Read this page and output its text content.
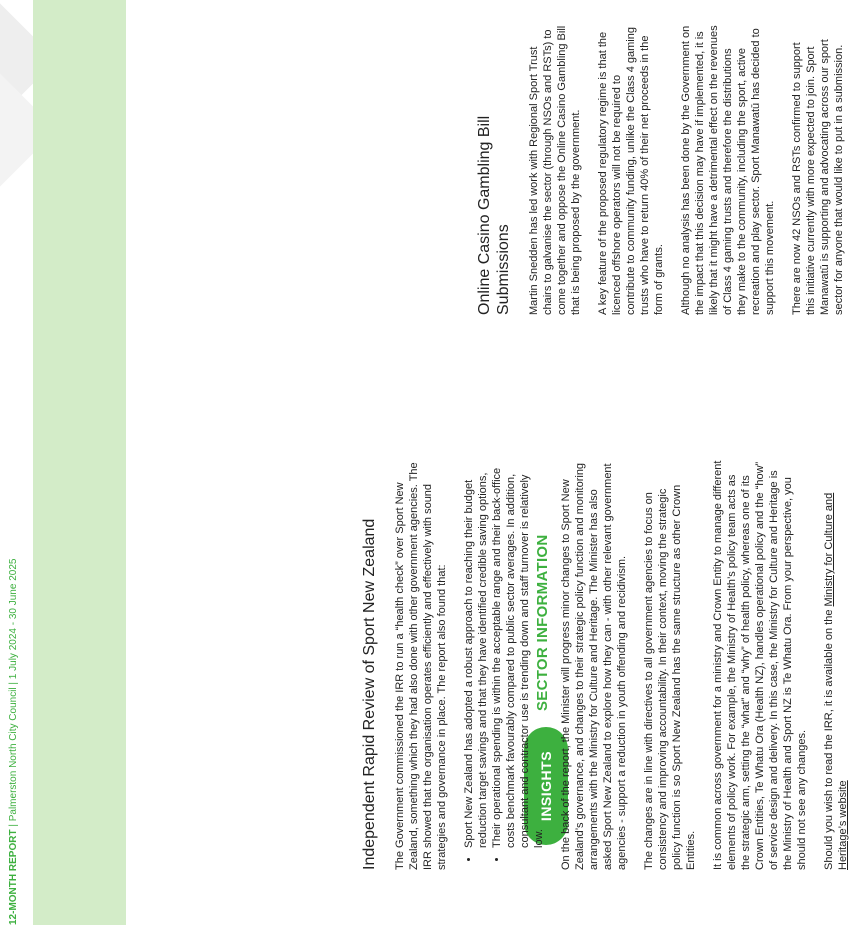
12-MONTH REPORT | Palmerston North City Council | 1 July 2024 - 30 June 2025	INSIGHTS
SECTOR INFORMATION
Independent Rapid Review of Sport New Zealand The Government commissioned the IRR to run a “health check” over Sport New Zealand, something which they had also done with other government agencies. The IRR showed that the organisation operates efficiently and effectively with sound strategies and governance in place. The report also found that: • Sport New Zealand has adopted a robust approach to reaching their budget reduction target savings and that they have identified credible saving options, • Their operational spending is within the acceptable range and their back-office costs benchmark favourably compared to public sector averages. In addition, consultant and contractor use is trending down and staff turnover is relatively low. On the back of the report, the Minister will progress minor changes to Sport New Zealand’s governance, and changes to their strategic policy function and monitoring arrangements with the Ministry for Culture and Heritage. The Minister has also asked Sport New Zealand to explore how they can - with other relevant government agencies - support a reduction in youth offending and recidivism. The changes are in line with directives to all government agencies to focus on consistency and improving accountability. In their context, moving the strategic policy function is so Sport New Zealand has the same structure as other Crown Entities. It is common across government for a ministry and Crown Entity to manage different elements of policy work. For example, the Ministry of Health’s policy team acts as the strategic arm, setting the “what” and “why” of health policy, whereas one of its Crown Entities, Te Whatu Ora (Health NZ), handles operational policy and the “how” of service design and delivery. In this case, the Ministry for Culture and Heritage is the Ministry of Health and Sport NZ is Te Whatu Ora. From your perspective, you should not see any changes. Should you wish to read the IRR, it is available on the Ministry for Culture and Heritage’s website

Online Casino Gambling Bill Submissions Martin Snedden has led work with Regional Sport Trust chairs to galvanise the sector (through NSOs and RSTs) to come together and oppose the Online Casino Gambling Bill that is being proposed by the government. A key feature of the proposed regulatory regime is that the licenced offshore operators will not be required to contribute to community funding, unlike the Class 4 gaming trusts who have to return 40% of their net proceeds in the form of grants. Although no analysis has been done by the Government on the impact that this decision may have if implemented, it is likely that it might have a detrimental effect on the revenues of Class 4 gaming trusts and therefore the distributions they make to the community, including the sport, active recreation and play sector. Sport Manawatū has decided to support this movement. There are now 42 NSOs and RSTs confirmed to support this initiative currently with more expected to join. Sport Manawatū is supporting and advocating across our sport sector for anyone that would like to put in a submission.
